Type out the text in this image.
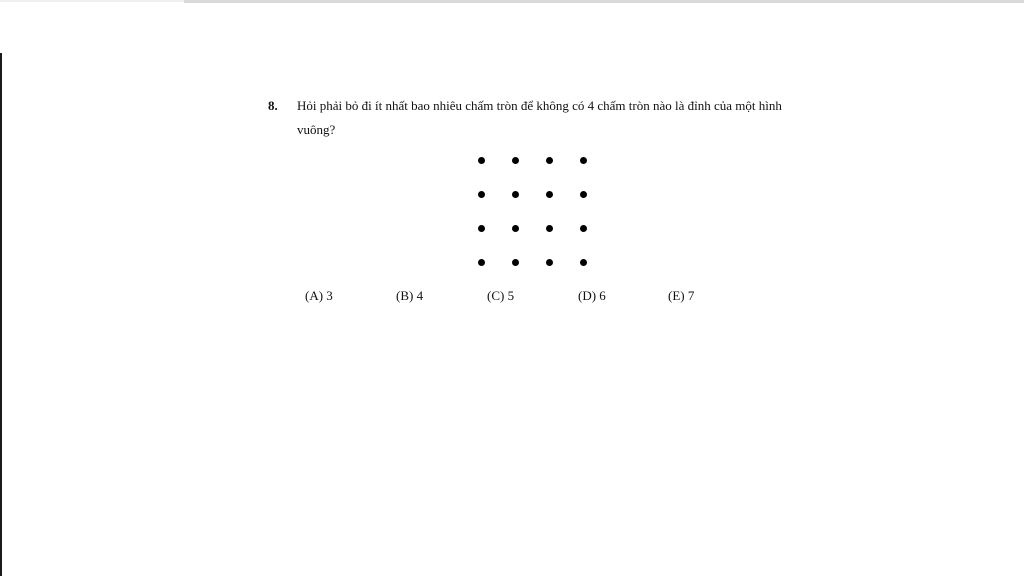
8. Hỏi phải bỏ đi ít nhất bao nhiêu chấm tròn để không có 4 chấm tròn nào là đỉnh của một hình vuông?
(A) 3	(B) 4	(C) 5	(D) 6	(E) 7
